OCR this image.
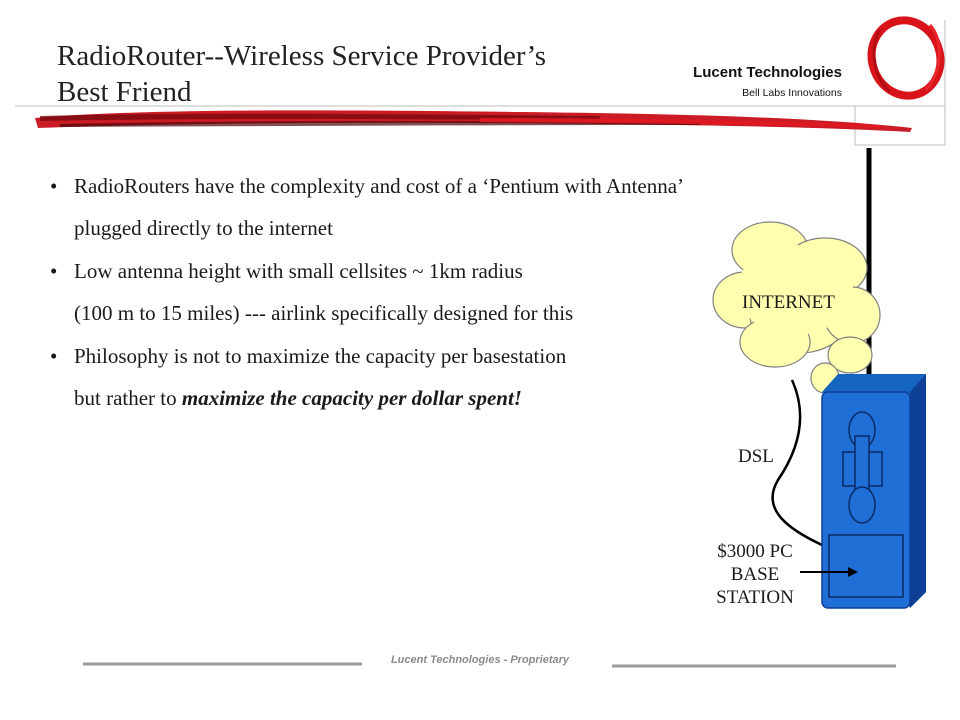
RadioRouter--Wireless Service Provider’s
Best Friend
Lucent Technologies
Bell Labs Innovations
• RadioRouters have the complexity and cost of a ‘Pentium with Antenna’
plugged directly to the internet
• Low antenna height with small cellsites ~ 1km radius
(100 m to 15 miles) --- airlink specifically designed for this
• Philosophy is not to maximize the capacity per basestation
but rather to maximize the capacity per dollar spent!
INTERNET
DSL
$3000 PC
BASE
STATION
Lucent Technologies - Proprietary
